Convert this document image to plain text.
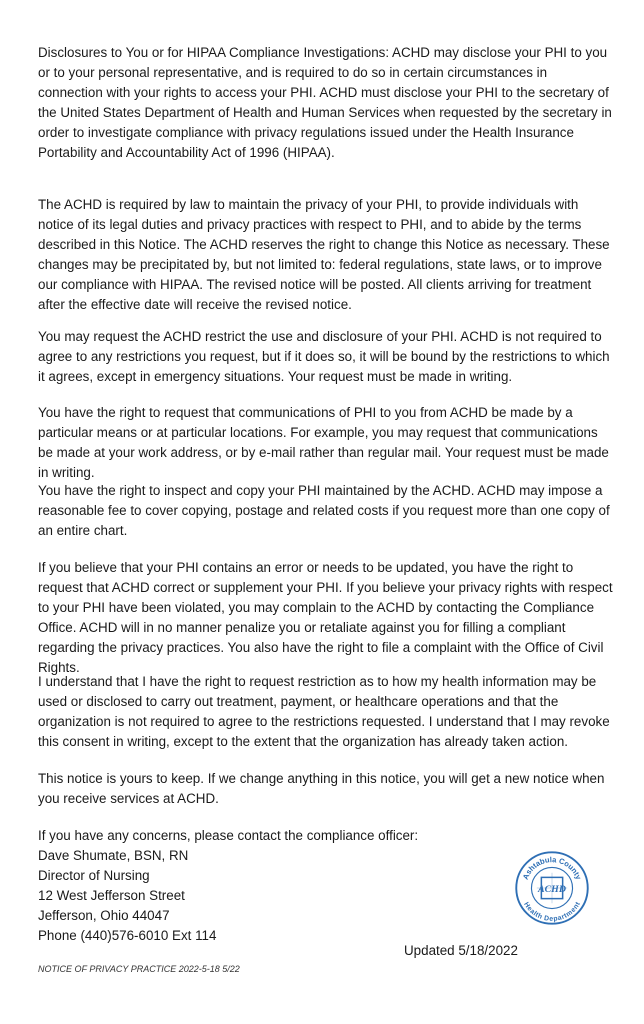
Disclosures to You or for HIPAA Compliance Investigations: ACHD may disclose your PHI to you or to your personal representative, and is required to do so in certain circumstances in connection with your rights to access your PHI. ACHD must disclose your PHI to the secretary of the United States Department of Health and Human Services when requested by the secretary in order to investigate compliance with privacy regulations issued under the Health Insurance Portability and Accountability Act of 1996 (HIPAA).

The ACHD is required by law to maintain the privacy of your PHI, to provide individuals with notice of its legal duties and privacy practices with respect to PHI, and to abide by the terms described in this Notice. The ACHD reserves the right to change this Notice as necessary. These changes may be precipitated by, but not limited to: federal regulations, state laws, or to improve our compliance with HIPAA. The revised notice will be posted. All clients arriving for treatment after the effective date will receive the revised notice.

You may request the ACHD restrict the use and disclosure of your PHI. ACHD is not required to agree to any restrictions you request, but if it does so, it will be bound by the restrictions to which it agrees, except in emergency situations. Your request must be made in writing.

You have the right to request that communications of PHI to you from ACHD be made by a particular means or at particular locations. For example, you may request that communications be made at your work address, or by e-mail rather than regular mail. Your request must be made in writing.

You have the right to inspect and copy your PHI maintained by the ACHD. ACHD may impose a reasonable fee to cover copying, postage and related costs if you request more than one copy of an entire chart.

If you believe that your PHI contains an error or needs to be updated, you have the right to request that ACHD correct or supplement your PHI. If you believe your privacy rights with respect to your PHI have been violated, you may complain to the ACHD by contacting the Compliance Office. ACHD will in no manner penalize you or retaliate against you for filling a compliant regarding the privacy practices. You also have the right to file a complaint with the Office of Civil Rights.

I understand that I have the right to request restriction as to how my health information may be used or disclosed to carry out treatment, payment, or healthcare operations and that the organization is not required to agree to the restrictions requested. I understand that I may revoke this consent in writing, except to the extent that the organization has already taken action.

This notice is yours to keep. If we change anything in this notice, you will get a new notice when you receive services at ACHD.

If you have any concerns, please contact the compliance officer:
Dave Shumate, BSN, RN
Director of Nursing
12 West Jefferson Street
Jefferson, Ohio 44047
Phone (440)576-6010 Ext 114
Updated 5/18/2022
NOTICE OF PRIVACY PRACTICE 2022-5-18 5/22
Ashtabula County
Health Department
ACHD
